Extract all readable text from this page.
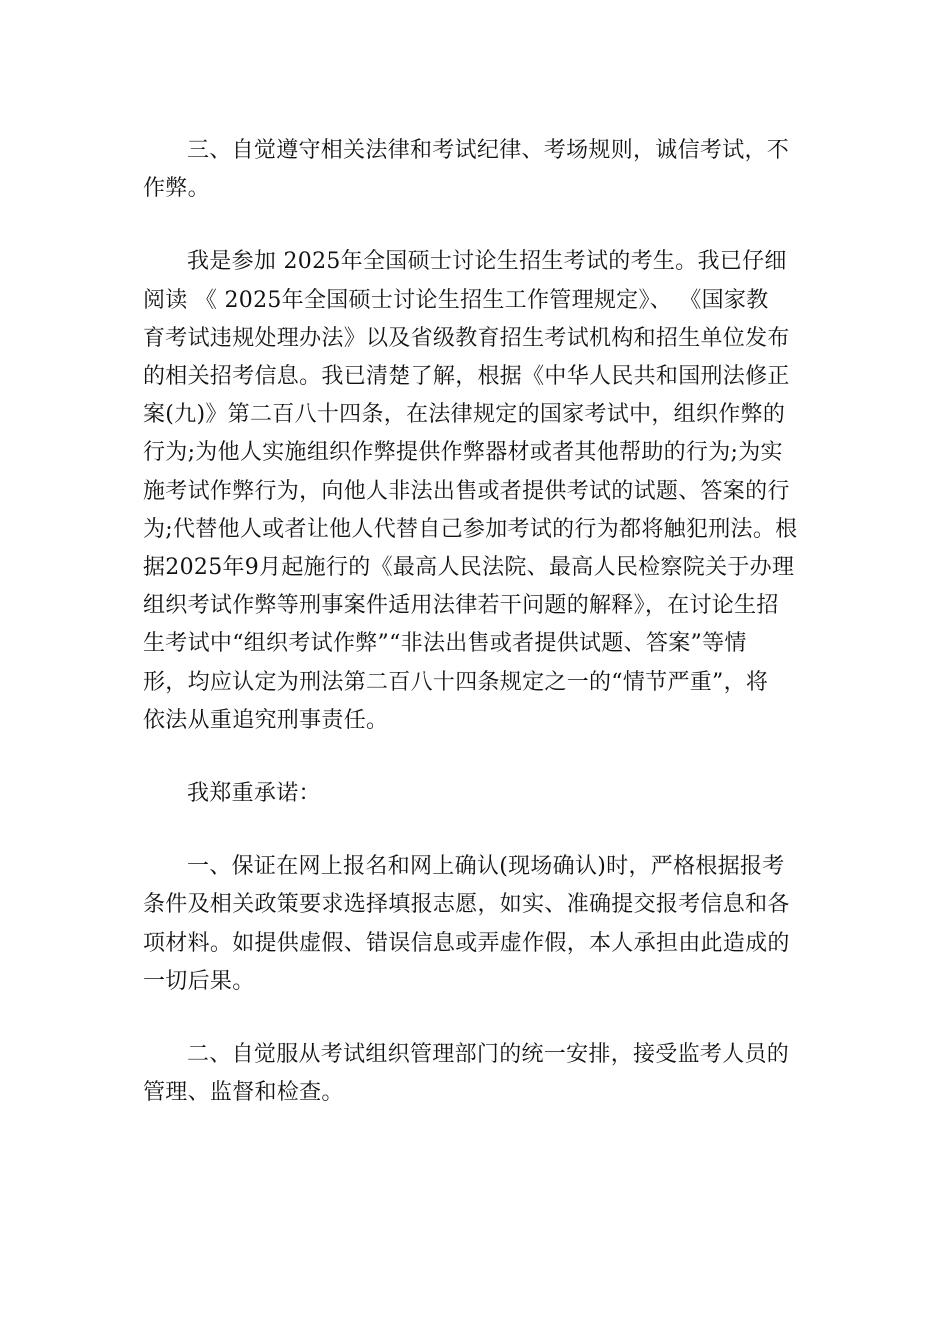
三、自觉遵守相关法律和考试纪律、考场规则，诚信考试，不
作弊。

我是参加 2025年全国硕士讨论生招生考试的考生。我已仔细
阅读 《 2025年全国硕士讨论生招生工作管理规定》、 《国家教
育考试违规处理办法》以及省级教育招生考试机构和招生单位发布
的相关招考信息。我已清楚了解，根据《中华人民共和国刑法修正
案(九)》第二百八十四条，在法律规定的国家考试中，组织作弊的
行为;为他人实施组织作弊提供作弊器材或者其他帮助的行为;为实
施考试作弊行为，向他人非法出售或者提供考试的试题、答案的行
为;代替他人或者让他人代替自己参加考试的行为都将触犯刑法。根
据2025年9月起施行的《最高人民法院、最高人民检察院关于办理
组织考试作弊等刑事案件适用法律若干问题的解释》，在讨论生招
生考试中“组织考试作弊”“非法出售或者提供试题、答案”等情
形，均应认定为刑法第二百八十四条规定之一的“情节严重”，将
依法从重追究刑事责任。

我郑重承诺：

一、保证在网上报名和网上确认(现场确认)时，严格根据报考
条件及相关政策要求选择填报志愿，如实、准确提交报考信息和各
项材料。如提供虚假、错误信息或弄虚作假，本人承担由此造成的
一切后果。

二、自觉服从考试组织管理部门的统一安排，接受监考人员的
管理、监督和检查。
